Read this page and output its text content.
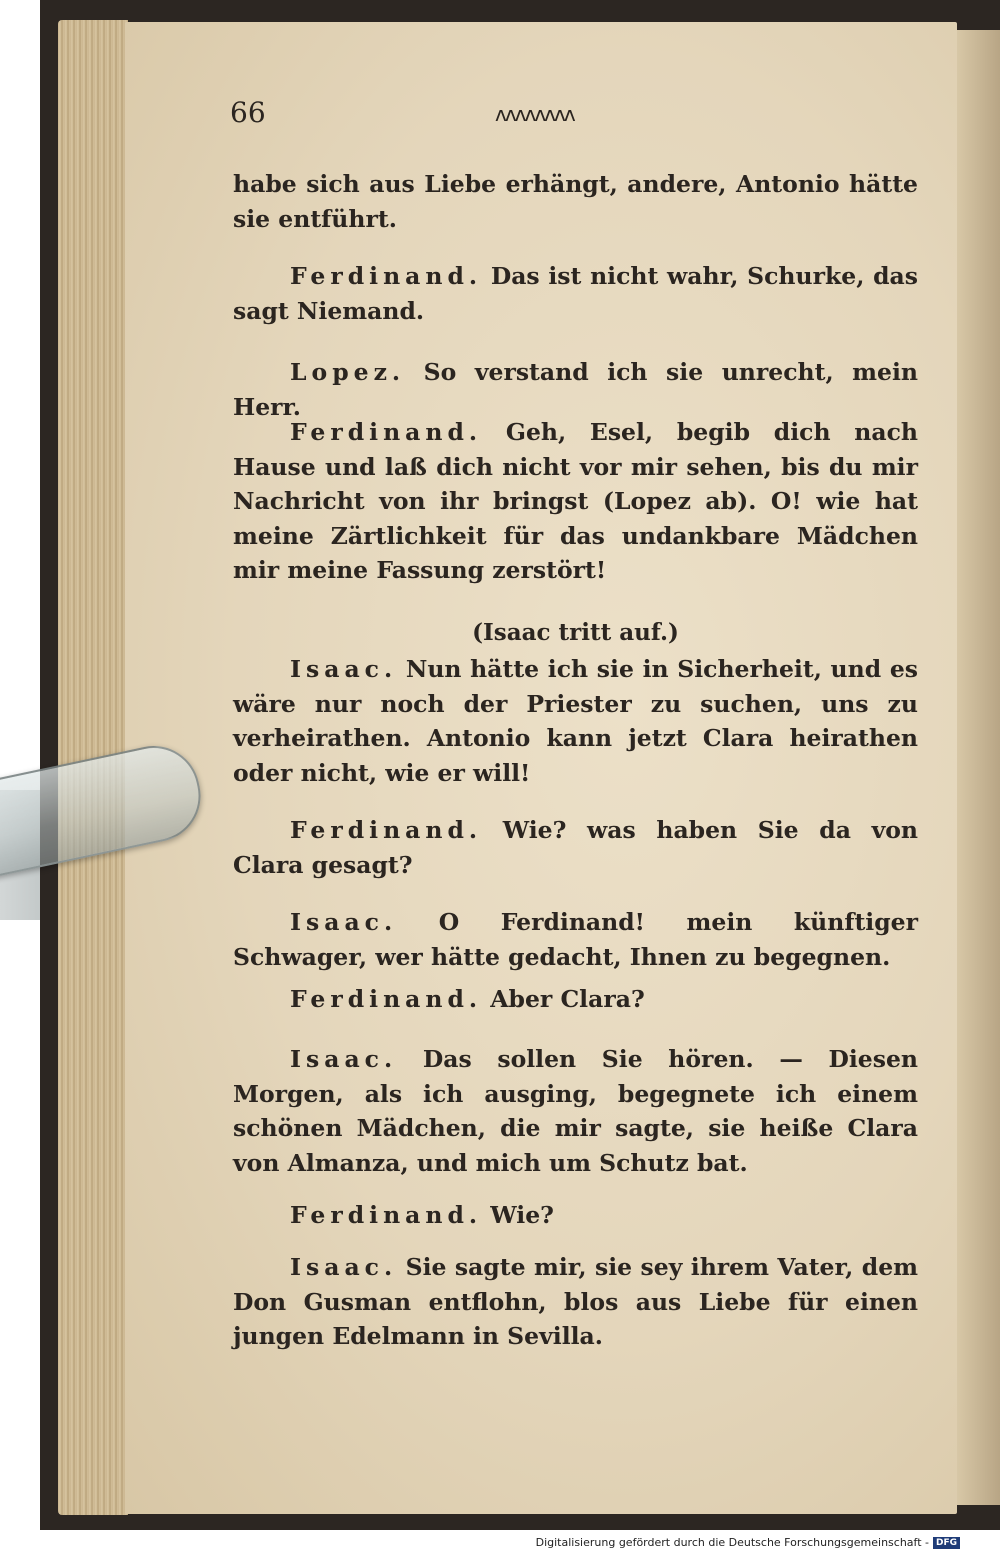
66	ʌʌʌʌʌʌʌʌ

habe sich aus Liebe erhängt, andere, Antonio hätte sie entführt.

Ferdinand. Das ist nicht wahr, Schurke, das sagt Niemand.

Lopez. So verstand ich sie unrecht, mein Herr.

Ferdinand. Geh, Esel, begib dich nach Hause und laß dich nicht vor mir sehen, bis du mir Nachricht von ihr bringst (Lopez ab). O! wie hat meine Zärtlichkeit für das undankbare Mädchen mir meine Fassung zerstört!

(Isaac tritt auf.)

Isaac. Nun hätte ich sie in Sicherheit, und es wäre nur noch der Priester zu suchen, uns zu verheirathen. Antonio kann jetzt Clara heirathen oder nicht, wie er will!

Ferdinand. Wie? was haben Sie da von Clara gesagt?

Isaac. O Ferdinand! mein künftiger Schwager, wer hätte gedacht, Ihnen zu begegnen.

Ferdinand. Aber Clara?

Isaac. Das sollen Sie hören. — Diesen Morgen, als ich ausging, begegnete ich einem schönen Mädchen, die mir sagte, sie heiße Clara von Almanza, und mich um Schutz bat.

Ferdinand. Wie?

Isaac. Sie sagte mir, sie sey ihrem Vater, dem Don Gusman entflohn, blos aus Liebe für einen jungen Edelmann in Sevilla.

Digitalisierung gefördert durch die Deutsche Forschungsgemeinschaft - DFG
